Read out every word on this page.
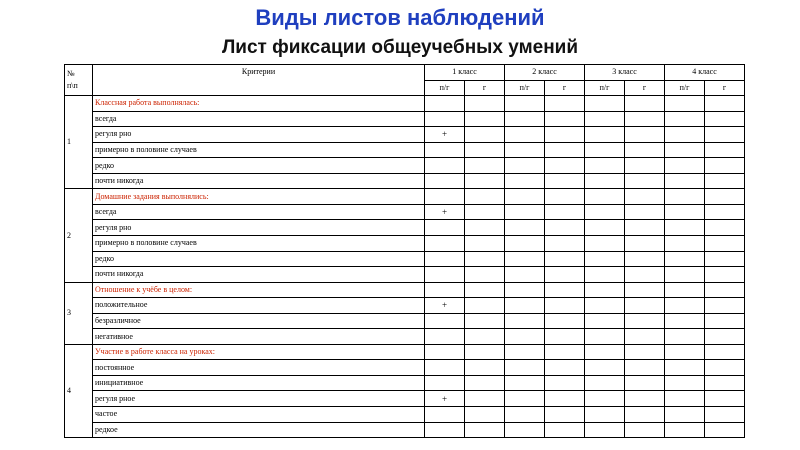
Виды листов наблюдений
Лист фиксации общеучебных умений
№
п\п	Критерии	1 класс		2 класс		3 класс		4 класс	
		п/г	г	п/г	г	п/г	г	п/г	г
1	Классная работа выполнялась:								
	всегда								
	регуля рно	+							
	примерно в половине случаев								
	редко								
	почти никогда								
2	Домашние задания выполнялись:								
	всегда	+							
	регуля рно								
	примерно в половине случаев								
	редко								
	почти никогда								
3	Отношение к учёбе в целом:								
	положительное	+							
	безразличное								
	негативное								
4	Участие в работе класса на уроках:								
	постоянное								
	инициативное								
	регуля рное	+							
	частое								
	редкое								
